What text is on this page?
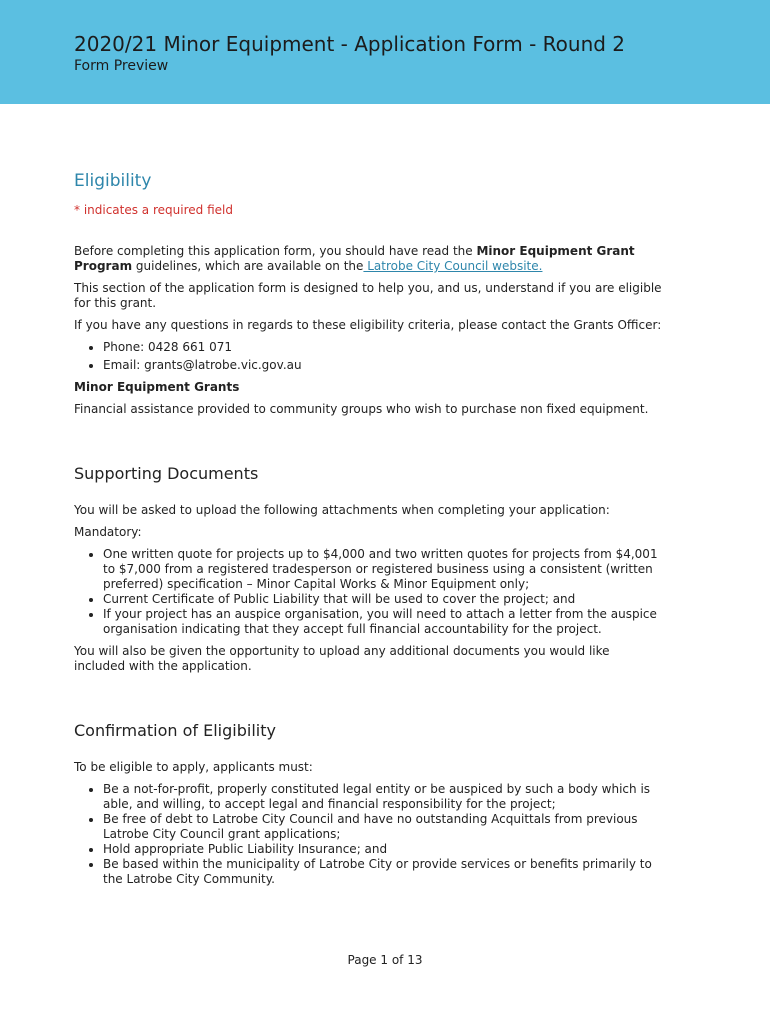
2020/21 Minor Equipment - Application Form - Round 2
Form Preview
Eligibility
* indicates a required field

Before completing this application form, you should have read the Minor Equipment Grant Program guidelines, which are available on the Latrobe City Council website.

This section of the application form is designed to help you, and us, understand if you are eligible for this grant.

If you have any questions in regards to these eligibility criteria, please contact the Grants Officer:

• Phone: 0428 661 071
• Email: grants@latrobe.vic.gov.au
Minor Equipment Grants

Financial assistance provided to community groups who wish to purchase non fixed equipment.

Supporting Documents

You will be asked to upload the following attachments when completing your application:

Mandatory:

• One written quote for projects up to $4,000 and two written quotes for projects from $4,001 to $7,000 from a registered tradesperson or registered business using a consistent (written preferred) specification – Minor Capital Works & Minor Equipment only;
• Current Certificate of Public Liability that will be used to cover the project; and
• If your project has an auspice organisation, you will need to attach a letter from the auspice organisation indicating that they accept full financial accountability for the project.

You will also be given the opportunity to upload any additional documents you would like included with the application.

Confirmation of Eligibility

To be eligible to apply, applicants must:

• Be a not-for-profit, properly constituted legal entity or be auspiced by such a body which is able, and willing, to accept legal and financial responsibility for the project;
• Be free of debt to Latrobe City Council and have no outstanding Acquittals from previous Latrobe City Council grant applications;
• Hold appropriate Public Liability Insurance; and
• Be based within the municipality of Latrobe City or provide services or benefits primarily to the Latrobe City Community.
Page 1 of 13
